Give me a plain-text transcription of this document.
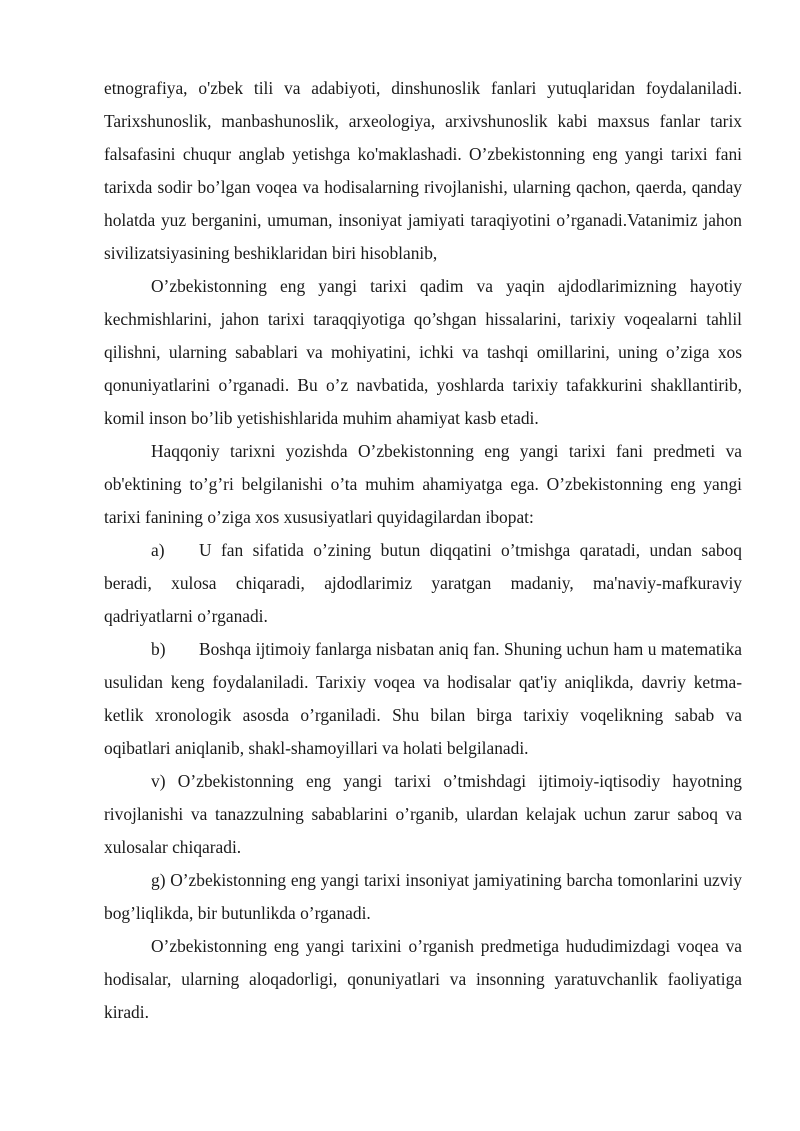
etnografiya, o'zbek tili va adabiyoti, dinshunoslik fanlari yutuqlaridan foydalaniladi. Tarixshunoslik, manbashunoslik, arxeologiya, arxivshunoslik kabi maxsus fanlar tarix falsafasini chuqur anglab yetishga ko'maklashadi. O’zbekistonning eng yangi tarixi fani tarixda sodir bo’lgan voqea va hodisalarning rivojlanishi, ularning qachon, qaerda, qanday holatda yuz berganini, umuman, insoniyat jamiyati taraqiyotini o’rganadi.Vatanimiz jahon sivilizatsiyasining beshiklaridan biri hisoblanib,

O’zbekistonning eng yangi tarixi qadim va yaqin ajdodlarimizning hayotiy kechmishlarini, jahon tarixi taraqqiyotiga qo’shgan hissalarini, tarixiy voqealarni tahlil qilishni, ularning sabablari va mohiyatini, ichki va tashqi omillarini, uning o’ziga xos qonuniyatlarini o’rganadi. Bu o’z navbatida, yoshlarda tarixiy tafakkurini shakllantirib, komil inson bo’lib yetishishlarida muhim ahamiyat kasb etadi.

Haqqoniy tarixni yozishda O’zbekistonning eng yangi tarixi fani predmeti va ob'ektining to’g’ri belgilanishi o’ta muhim ahamiyatga ega. O’zbekistonning eng yangi tarixi fanining o’ziga xos xususiyatlari quyidagilardan ibopat:

a) U fan sifatida o’zining butun diqqatini o’tmishga qaratadi, undan saboq beradi, xulosa chiqaradi, ajdodlarimiz yaratgan madaniy, ma'naviy-mafkuraviy qadriyatlarni o’rganadi.

b) Boshqa ijtimoiy fanlarga nisbatan aniq fan. Shuning uchun ham u matematika usulidan keng foydalaniladi. Tarixiy voqea va hodisalar qat'iy aniqlikda, davriy ketma-ketlik xronologik asosda o’rganiladi. Shu bilan birga tarixiy voqelikning sabab va oqibatlari aniqlanib, shakl-shamoyillari va holati belgilanadi.

v) O’zbekistonning eng yangi tarixi o’tmishdagi ijtimoiy-iqtisodiy hayotning rivojlanishi va tanazzulning sabablarini o’rganib, ulardan kelajak uchun zarur saboq va xulosalar chiqaradi.

g) O’zbekistonning eng yangi tarixi insoniyat jamiyatining barcha tomonlarini uzviy bog’liqlikda, bir butunlikda o’rganadi.

O’zbekistonning eng yangi tarixini o’rganish predmetiga hududimizdagi voqea va hodisalar, ularning aloqadorligi, qonuniyatlari va insonning yaratuvchanlik faoliyatiga kiradi.
